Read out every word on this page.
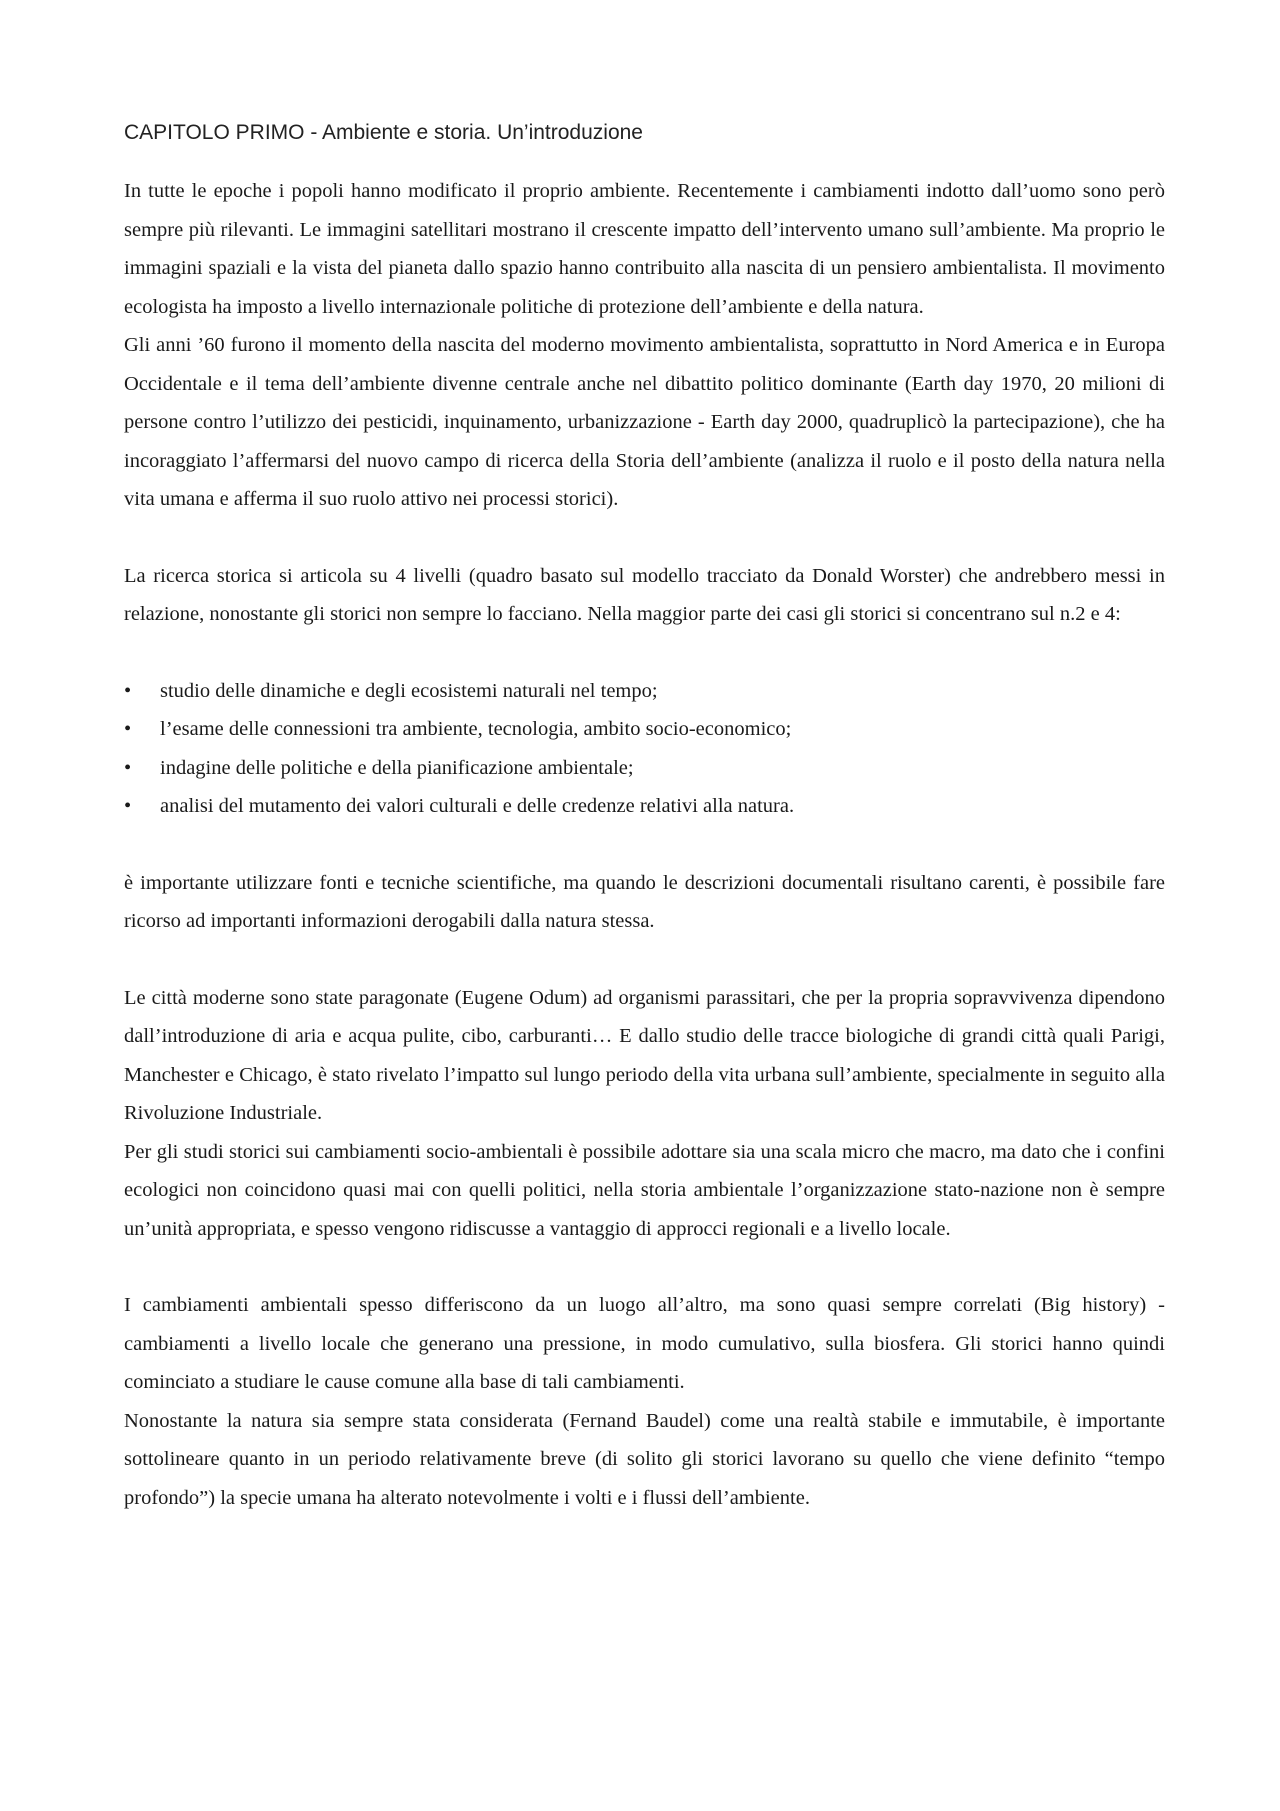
CAPITOLO PRIMO - Ambiente e storia. Un’introduzione

In tutte le epoche i popoli hanno modificato il proprio ambiente. Recentemente i cambiamenti indotto dall’uomo sono però sempre più rilevanti. Le immagini satellitari mostrano il crescente impatto dell’intervento umano sull’ambiente. Ma proprio le immagini spaziali e la vista del pianeta dallo spazio hanno contribuito alla nascita di un pensiero ambientalista. Il movimento ecologista ha imposto a livello internazionale politiche di protezione dell’ambiente e della natura.

Gli anni ’60 furono il momento della nascita del moderno movimento ambientalista, soprattutto in Nord America e in Europa Occidentale e il tema dell’ambiente divenne centrale anche nel dibattito politico dominante (Earth day 1970, 20 milioni di persone contro l’utilizzo dei pesticidi, inquinamento, urbanizzazione - Earth day 2000, quadruplicò la partecipazione), che ha incoraggiato l’affermarsi del nuovo campo di ricerca della Storia dell’ambiente (analizza il ruolo e il posto della natura nella vita umana e afferma il suo ruolo attivo nei processi storici).

La ricerca storica si articola su 4 livelli (quadro basato sul modello tracciato da Donald Worster) che andrebbero messi in relazione, nonostante gli storici non sempre lo facciano. Nella maggior parte dei casi gli storici si concentrano sul n.2 e 4:

• studio delle dinamiche e degli ecosistemi naturali nel tempo;
• l’esame delle connessioni tra ambiente, tecnologia, ambito socio-economico;
• indagine delle politiche e della pianificazione ambientale;
• analisi del mutamento dei valori culturali e delle credenze relativi alla natura.

è importante utilizzare fonti e tecniche scientifiche, ma quando le descrizioni documentali risultano carenti, è possibile fare ricorso ad importanti informazioni derogabili dalla natura stessa.

Le città moderne sono state paragonate (Eugene Odum) ad organismi parassitari, che per la propria sopravvivenza dipendono dall’introduzione di aria e acqua pulite, cibo, carburanti… E dallo studio delle tracce biologiche di grandi città quali Parigi, Manchester e Chicago, è stato rivelato l’impatto sul lungo periodo della vita urbana sull’ambiente, specialmente in seguito alla Rivoluzione Industriale.

Per gli studi storici sui cambiamenti socio-ambientali è possibile adottare sia una scala micro che macro, ma dato che i confini ecologici non coincidono quasi mai con quelli politici, nella storia ambientale l’organizzazione stato-nazione non è sempre un’unità appropriata, e spesso vengono ridiscusse a vantaggio di approcci regionali e a livello locale.

I cambiamenti ambientali spesso differiscono da un luogo all’altro, ma sono quasi sempre correlati (Big history) - cambiamenti a livello locale che generano una pressione, in modo cumulativo, sulla biosfera. Gli storici hanno quindi cominciato a studiare le cause comune alla base di tali cambiamenti.

Nonostante la natura sia sempre stata considerata (Fernand Baudel) come una realtà stabile e immutabile, è importante sottolineare quanto in un periodo relativamente breve (di solito gli storici lavorano su quello che viene definito “tempo profondo”) la specie umana ha alterato notevolmente i volti e i flussi dell’ambiente.
